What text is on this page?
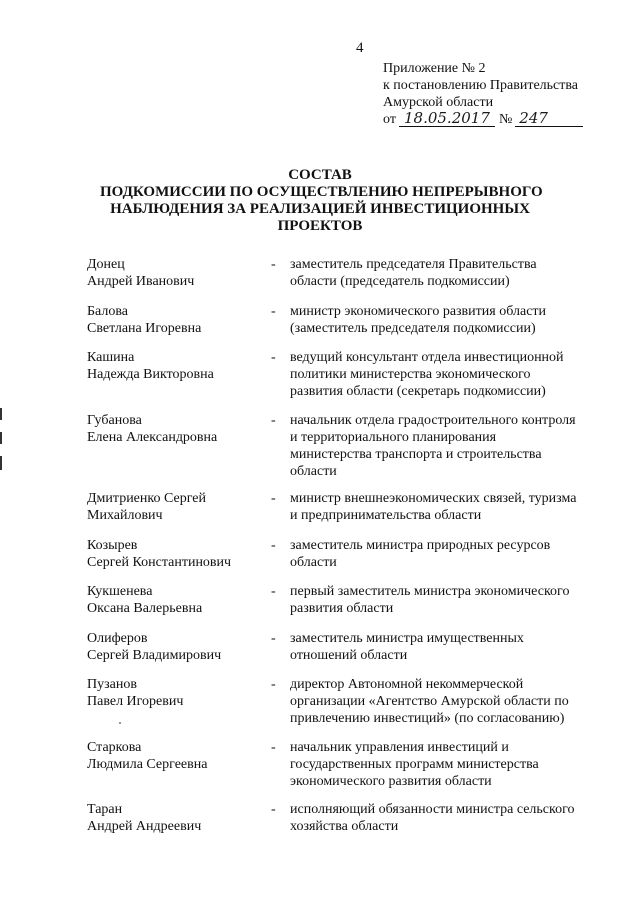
4
Приложение № 2
к постановлению Правительства
Амурской области
от 18.05.2017 № 247
СОСТАВ
ПОДКОМИССИИ ПО ОСУЩЕСТВЛЕНИЮ НЕПРЕРЫВНОГО
НАБЛЮДЕНИЯ ЗА РЕАЛИЗАЦИЕЙ ИНВЕСТИЦИОННЫХ
ПРОЕКТОВ
Донец
Андрей Иванович
- заместитель председателя Правительства
области (председатель подкомиссии)
Балова
Светлана Игоревна
- министр экономического развития области
(заместитель председателя подкомиссии)
Кашина
Надежда Викторовна
- ведущий консультант отдела инвестиционной
политики министерства экономического
развития области (секретарь подкомиссии)
Губанова
Елена Александровна
- начальник отдела градостроительного контроля
и территориального планирования
министерства транспорта и строительства
области
Дмитриенко Сергей
Михайлович
- министр внешнеэкономических связей, туризма
и предпринимательства области
Козырев
Сергей Константинович
- заместитель министра природных ресурсов
области
Кукшенева
Оксана Валерьевна
- первый заместитель министра экономического
развития области
Олиферов
Сергей Владимирович
- заместитель министра имущественных
отношений области
Пузанов
Павел Игоревич
- директор Автономной некоммерческой
организации «Агентство Амурской области по
привлечению инвестиций» (по согласованию)
Старкова
Людмила Сергеевна
- начальник управления инвестиций и
государственных программ министерства
экономического развития области
Таран
Андрей Андреевич
- исполняющий обязанности министра сельского
хозяйства области
